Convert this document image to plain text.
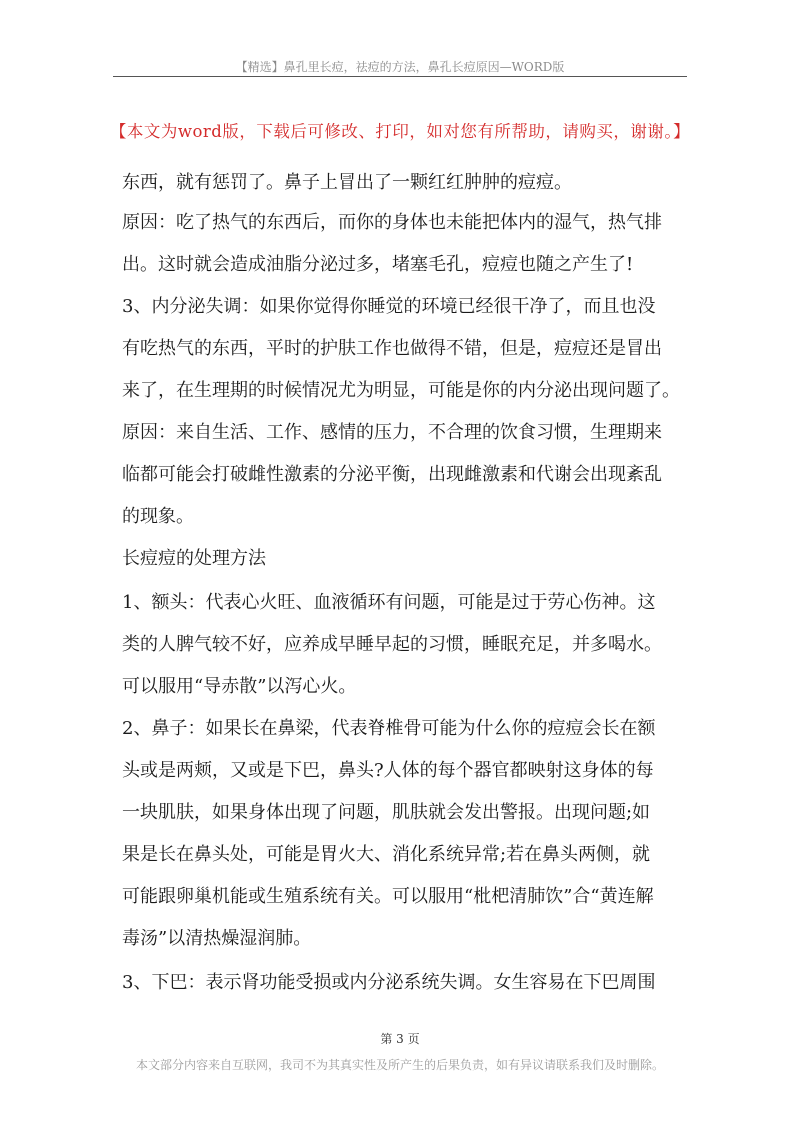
【精选】鼻孔里长痘，祛痘的方法，鼻孔长痘原因—WORD版
【本文为word版，下载后可修改、打印，如对您有所帮助，请购买，谢谢。】

东西，就有惩罚了。鼻子上冒出了一颗红红肿肿的痘痘。

原因：吃了热气的东西后，而你的身体也未能把体内的湿气，热气排

出。这时就会造成油脂分泌过多，堵塞毛孔，痘痘也随之产生了!

3、内分泌失调：如果你觉得你睡觉的环境已经很干净了，而且也没

有吃热气的东西，平时的护肤工作也做得不错，但是，痘痘还是冒出

来了，在生理期的时候情况尤为明显，可能是你的内分泌出现问题了。

原因：来自生活、工作、感情的压力，不合理的饮食习惯，生理期来

临都可能会打破雌性激素的分泌平衡，出现雌激素和代谢会出现紊乱

的现象。

长痘痘的处理方法

1、额头：代表心火旺、血液循环有问题，可能是过于劳心伤神。这

类的人脾气较不好，应养成早睡早起的习惯，睡眠充足，并多喝水。

可以服用“导赤散”以泻心火。

2、鼻子：如果长在鼻梁，代表脊椎骨可能为什么你的痘痘会长在额

头或是两颊，又或是下巴，鼻头?人体的每个器官都映射这身体的每

一块肌肤，如果身体出现了问题，肌肤就会发出警报。出现问题;如

果是长在鼻头处，可能是胃火大、消化系统异常;若在鼻头两侧，就

可能跟卵巢机能或生殖系统有关。可以服用“枇杷清肺饮”合“黄连解

毒汤”以清热燥湿润肺。

3、下巴：表示肾功能受损或内分泌系统失调。女生容易在下巴周围

第 3 页
本文部分内容来自互联网，我司不为其真实性及所产生的后果负责，如有异议请联系我们及时删除。
